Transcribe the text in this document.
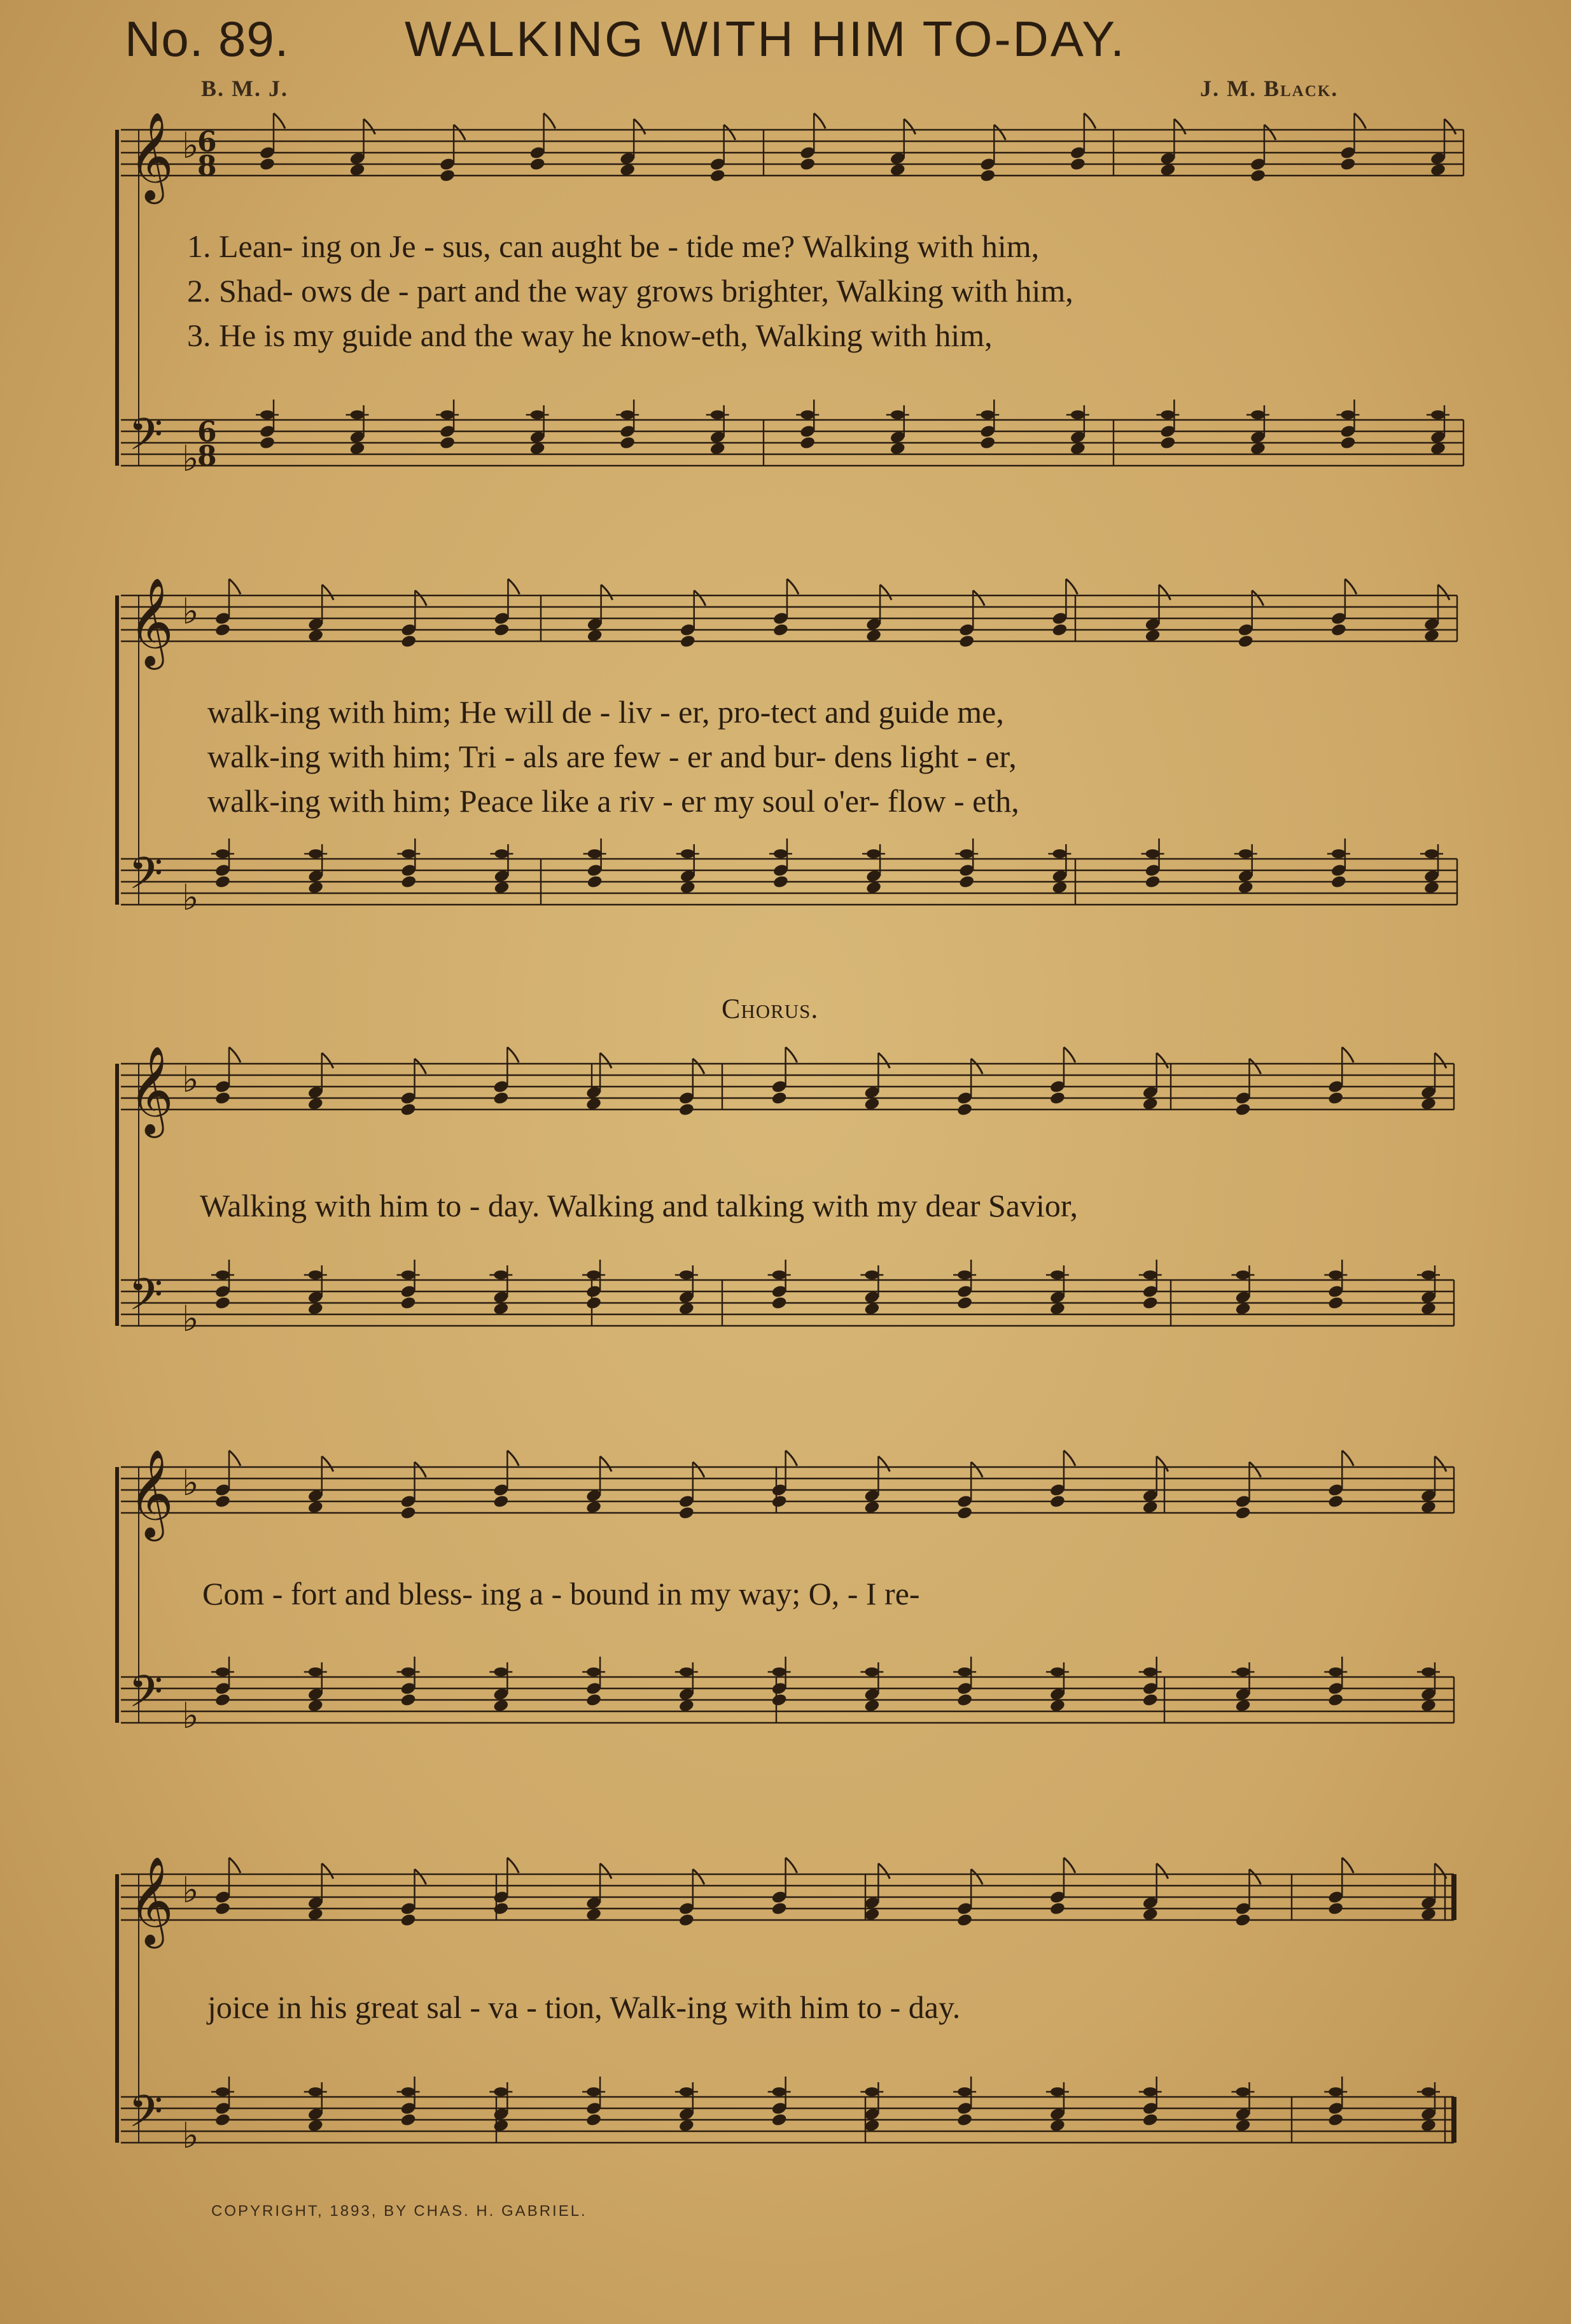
No. 89. WALKING WITH HIM TO-DAY.
B. M. J.	J. M. Black.
𝄞 ♭
𝄢 ♭
6
8
6
8
𝄞 ♭
𝄢 ♭
𝄞 ♭
𝄢 ♭
𝄞 ♭
𝄢 ♭
𝄞 ♭
𝄢 ♭
1. Lean- ing on Je - sus, can aught be - tide me? Walking with him,
2. Shad- ows de - part and the way grows brighter, Walking with him,
3. He is my guide and the way he know-eth, Walking with him,
walk-ing with him; He will de - liv - er, pro-tect and guide me,
walk-ing with him; Tri - als are few - er and bur- dens light - er,
walk-ing with him; Peace like a riv - er my soul o'er- flow - eth,
Chorus.
Walking with him to - day. Walking and talking with my dear Savior,
Com - fort and bless- ing a - bound in my way; O, - I re-
joice in his great sal - va - tion, Walk-ing with him to - day.
COPYRIGHT, 1893, BY CHAS. H. GABRIEL.
